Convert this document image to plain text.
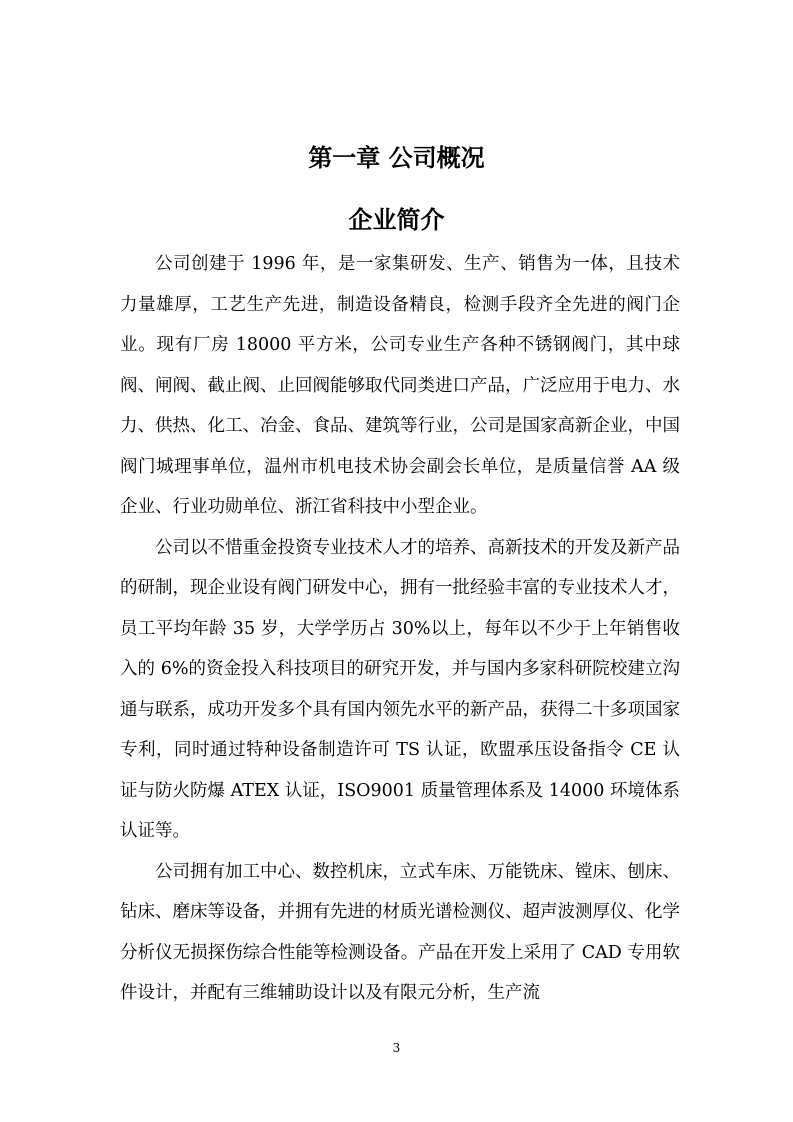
第一章 公司概况
企业简介

公司创建于 1996 年，是一家集研发、生产、销售为一体，且技术力量雄厚，工艺生产先进，制造设备精良，检测手段齐全先进的阀门企业。现有厂房 18000 平方米，公司专业生产各种不锈钢阀门，其中球阀、闸阀、截止阀、止回阀能够取代同类进口产品，广泛应用于电力、水力、供热、化工、冶金、食品、建筑等行业，公司是国家高新企业，中国阀门城理事单位，温州市机电技术协会副会长单位，是质量信誉 AA 级企业、行业功勋单位、浙江省科技中小型企业。

公司以不惜重金投资专业技术人才的培养、高新技术的开发及新产品的研制，现企业设有阀门研发中心，拥有一批经验丰富的专业技术人才，员工平均年龄 35 岁，大学学历占 30%以上，每年以不少于上年销售收入的 6%的资金投入科技项目的研究开发，并与国内多家科研院校建立沟通与联系，成功开发多个具有国内领先水平的新产品，获得二十多项国家专利，同时通过特种设备制造许可 TS 认证，欧盟承压设备指令 CE 认证与防火防爆 ATEX 认证，ISO9001 质量管理体系及 14000 环境体系认证等。

公司拥有加工中心、数控机床，立式车床、万能铣床、镗床、刨床、钻床、磨床等设备，并拥有先进的材质光谱检测仪、超声波测厚仪、化学分析仪无损探伤综合性能等检测设备。产品在开发上采用了 CAD 专用软件设计，并配有三维辅助设计以及有限元分析，生产流

3
